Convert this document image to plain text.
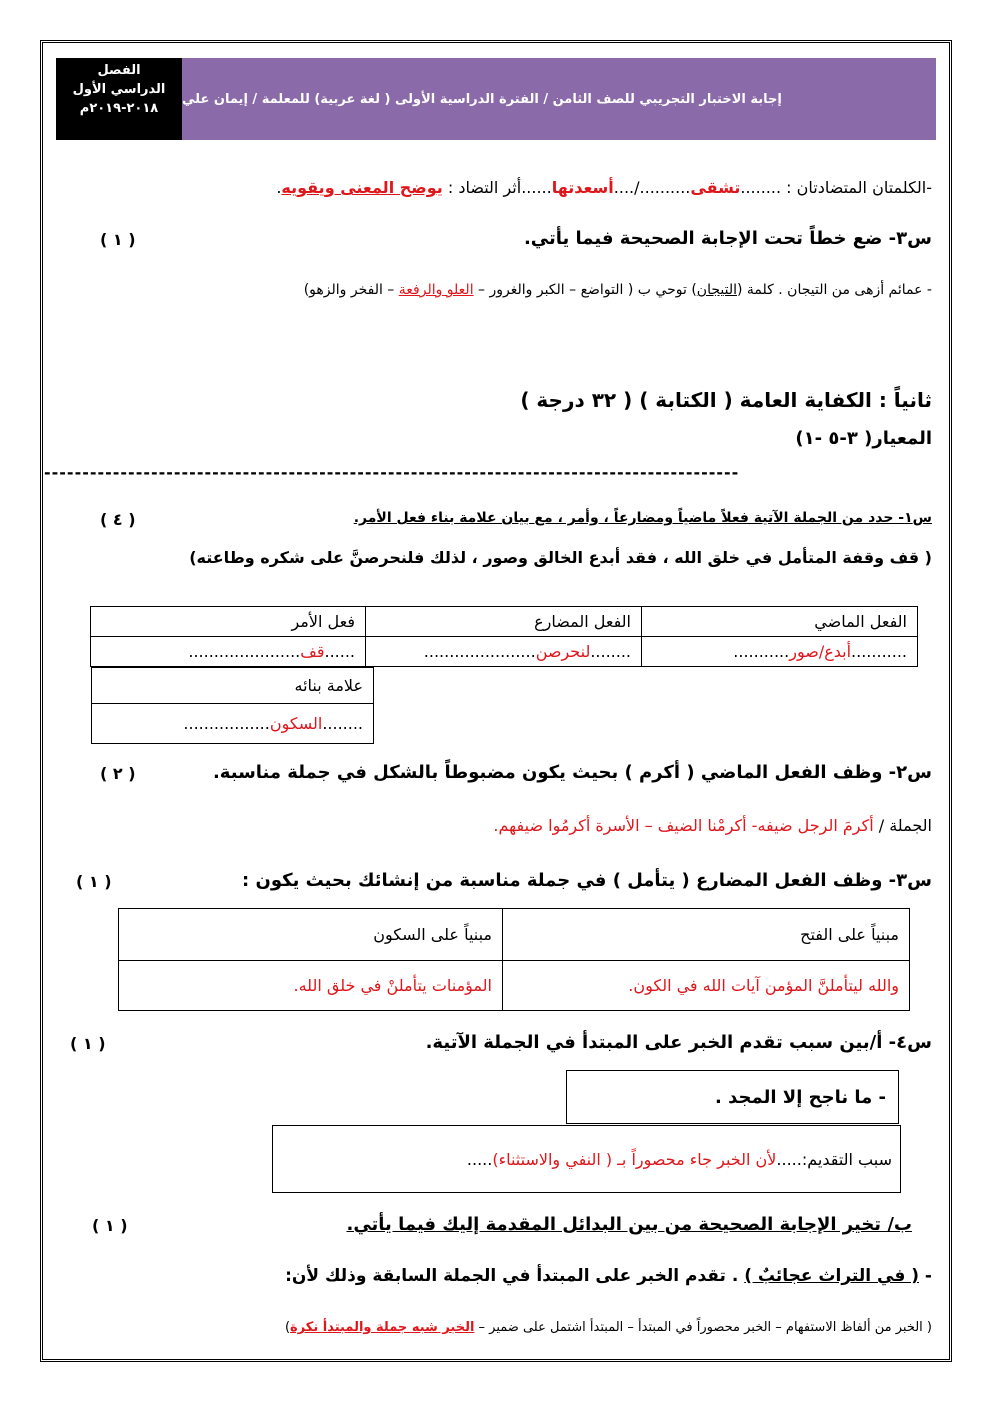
الفصل
الدراسي الأول
٢٠١٨-٢٠١٩م
إجابة الاختبار التجريبي للصف الثامن / الفترة الدراسية الأولى ( لغة عربية) للمعلمة / إيمان علي
-الكلمتان المتضادتان : ........تشقى........../....أسعدتها......أثر التضاد : يوضح المعنى ويقويه.
س٣- ضع خطاً تحت الإجابة الصحيحة فيما يأتي.
( ١ )
- عمائم أزهى من التيجان . كلمة (التيجان) توحي ب ( التواضع – الكبر والغرور – العلو والرفعة – الفخر والزهو)
ثانياً : الكفاية العامة ( الكتابة ) ( ٣٢ درجة )
المعيار( ٣-٥ -١)
-------------------------------------------------------------------------------------------
س١- حدد من الجملة الآتية فعلاً ماضياً ومضارعاً ، وأمر ، مع بيان علامة بناء فعل الأمر.
( ٤ )
( قف وقفة المتأمل في خلق الله ، فقد أبدع الخالق وصور ، لذلك فلنحرصنَّ على شكره وطاعته)
الفعل الماضي	الفعل المضارع	فعل الأمر
...........أبدع/صور...........	........لنحرصن......................	......قف......................
علامة بنائه
........السكون.................
س٢- وظف الفعل الماضي ( أكرم ) بحيث يكون مضبوطاً بالشكل في جملة مناسبة.
( ٢ )
الجملة / أكرمَ الرجل ضيفه- أكرمْنا الضيف – الأسرة أكرمُوا ضيفهم.
س٣- وظف الفعل المضارع ( يتأمل ) في جملة مناسبة من إنشائك بحيث يكون :
( ١ )
مبنياً على الفتح	مبنياً على السكون
والله ليتأملنَّ المؤمن آيات الله في الكون.	المؤمنات يتأملنْ في خلق الله.
س٤- أ/بين سبب تقدم الخبر على المبتدأ في الجملة الآتية.
( ١ )
- ما ناجح إلا المجد .
سبب التقديم:.....
لأن الخبر جاء محصوراً بـ ( النفي والاستثناء)
.....
ب/ تخير الإجابة الصحيحة من بين البدائل المقدمة إليك فيما يأتي.
( ١ )
- ( في التراث عجائبٌ ) . تقدم الخبر على المبتدأ في الجملة السابقة وذلك لأن:
( الخبر من ألفاظ الاستفهام – الخبر محصوراً في المبتدأ – المبتدأ اشتمل على ضمير – الخبر شبه جملة والمبتدأ نكرة)
